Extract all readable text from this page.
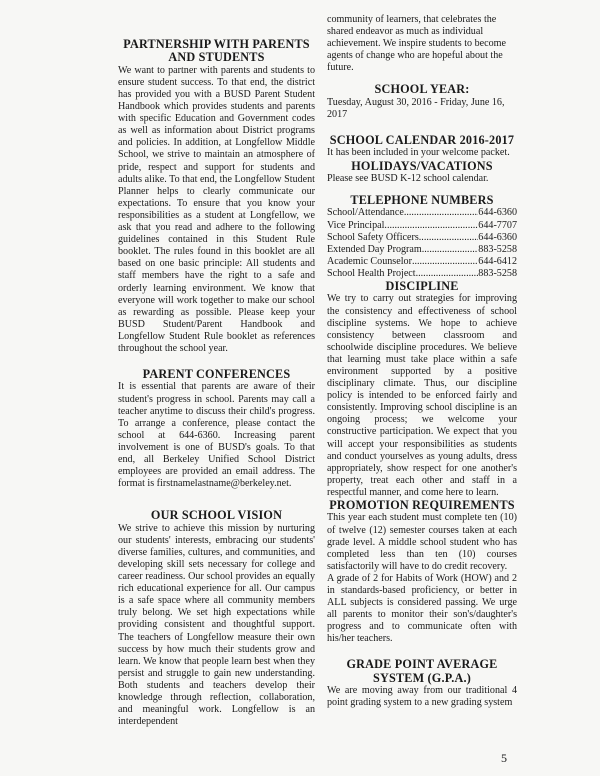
PARTNERSHIP WITH PARENTS AND STUDENTS

We want to partner with parents and students to ensure student success. To that end, the district has provided you with a BUSD Parent Student Handbook which provides students and parents with specific Education and Government codes as well as information about District programs and policies. In addition, at Longfellow Middle School, we strive to maintain an atmosphere of pride, respect and support for students and adults alike. To that end, the Longfellow Student Planner helps to clearly communicate our expectations. To ensure that you know your responsibilities as a student at Longfellow, we ask that you read and adhere to the following guidelines contained in this Student Rule booklet. The rules found in this booklet are all based on one basic principle: All students and staff members have the right to a safe and orderly learning environment. We know that everyone will work together to make our school as rewarding as possible. Please keep your BUSD Student/Parent Handbook and Longfellow Student Rule booklet as references throughout the school year.

PARENT CONFERENCES

It is essential that parents are aware of their student's progress in school. Parents may call a teacher anytime to discuss their child's progress. To arrange a conference, please contact the school at 644-6360. Increasing parent involvement is one of BUSD's goals. To that end, all Berkeley Unified School District employees are provided an email address. The format is firstnamelastname@berkeley.net.

OUR SCHOOL VISION

We strive to achieve this mission by nurturing our students' interests, embracing our students' diverse families, cultures, and communities, and developing skill sets necessary for college and career readiness. Our school provides an equally rich educational experience for all. Our campus is a safe space where all community members truly belong. We set high expectations while providing consistent and thoughtful support. The teachers of Longfellow measure their own success by how much their students grow and learn. We know that people learn best when they persist and struggle to gain new understanding. Both students and teachers develop their knowledge through reflection, collaboration, and meaningful work. Longfellow is an interdependent

community of learners, that celebrates the shared endeavor as much as individual achievement. We inspire students to become agents of change who are hopeful about the future.

SCHOOL YEAR:

Tuesday, August 30, 2016 - Friday, June 16, 2017

SCHOOL CALENDAR 2016-2017

It has been included in your welcome packet.

HOLIDAYS/VACATIONS

Please see BUSD K-12 school calendar.

TELEPHONE NUMBERS
School/Attendance .....	644-6360
Vice Principal .....	644-7707
School Safety Officers .....	644-6360
Extended Day Program .....	883-5258
Academic Counselor .....	644-6412
School Health Project .....	883-5258
DISCIPLINE

We try to carry out strategies for improving the consistency and effectiveness of school discipline systems. We hope to achieve consistency between classroom and schoolwide discipline procedures. We believe that learning must take place within a safe environment supported by a positive disciplinary climate. Thus, our discipline policy is intended to be enforced fairly and consistently. Improving school discipline is an ongoing process; we welcome your constructive participation. We expect that you will accept your responsibilities as students and conduct yourselves as young adults, dress appropriately, show respect for one another's property, treat each other and staff in a respectful manner, and come here to learn.

PROMOTION REQUIREMENTS

This year each student must complete ten (10) of twelve (12) semester courses taken at each grade level. A middle school student who has completed less than ten (10) courses satisfactorily will have to do credit recovery.

A grade of 2 for Habits of Work (HOW) and 2 in standards-based proficiency, or better in ALL subjects is considered passing. We urge all parents to monitor their son's/daughter's progress and to communicate often with his/her teachers.

GRADE POINT AVERAGE SYSTEM (G.P.A.)

We are moving away from our traditional 4 point grading system to a new grading system

5
